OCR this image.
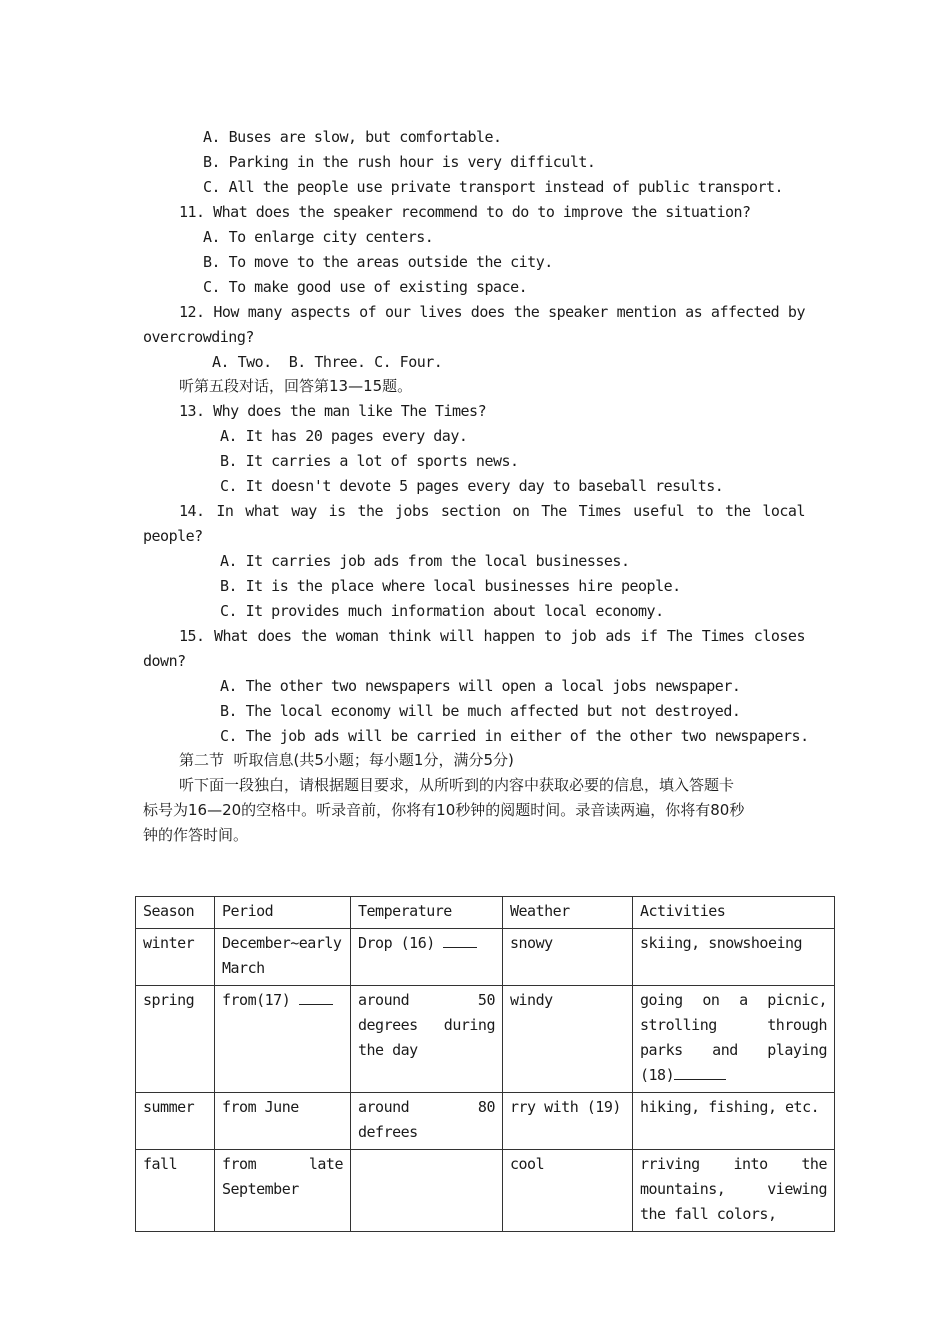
A. Buses are slow, but comfortable.
B. Parking in the rush hour is very difficult.
C. All the people use private transport instead of public transport.
11. What does the speaker recommend to do to improve the situation?
A. To enlarge city centers.
B. To move to the areas outside the city.
C. To make good use of existing space.
12. How many aspects of our lives does the speaker mention as affected by
overcrowding?
A. Two.  B. Three. C. Four.
听第五段对话，回答第13—15题。
13. Why does the man like The Times?
A. It has 20 pages every day.
B. It carries a lot of sports news.
C. It doesn't devote 5 pages every day to baseball results.
14. In what way is the jobs section on The Times useful to the local
people?
A. It carries job ads from the local businesses.
B. It is the place where local businesses hire people.
C. It provides much information about local economy.
15. What does the woman think will happen to job ads if The Times closes
down?
A. The other two newspapers will open a local jobs newspaper.
B. The local economy will be much affected but not destroyed.
C. The job ads will be carried in either of the other two newspapers.
第二节  听取信息(共5小题；每小题1分，满分5分)
听下面一段独白，请根据题目要求，从所听到的内容中获取必要的信息，填入答题卡
标号为16—20的空格中。听录音前，你将有10秒钟的阅题时间。录音读两遍，你将有80秒
钟的作答时间。
Season	Period	Temperature	Weather	Activities
winter	December~early March	Drop (16)	snowy	skiing, snowshoeing
spring	from(17)	around 50 degrees during the day	windy	going on a picnic, strolling through parks and playing (18)
summer	from June	around 80 defrees	rry with (19)	hiking, fishing, etc.
fall	from late September		cool	rriving into the mountains, viewing the fall colors,
